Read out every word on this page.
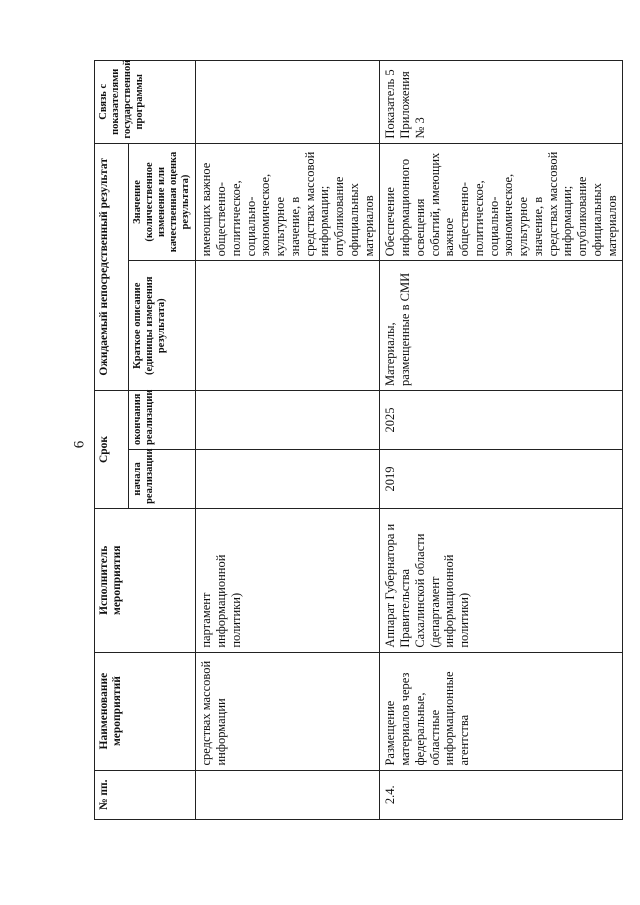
6
№ пп.	Наименование мероприятий	Исполнитель мероприятия	Срок		Ожидаемый непосредственный результат		Связь с показателями государственной программы
			начала реализации	окончания реализации	Краткое описание (единицы измерения результата)	Значение (количественное изменение или качественная оценка результата)	
	средствах массовой информации	партамент информационной политики)				имеющих важное общественно-политическое, социально-экономическое, культурное значение, в средствах массовой информации; опубликование официальных материалов	
2.4.	Размещение материалов через федеральные, областные информационные агентства	Аппарат Губернатора и Правительства Сахалинской области (департамент информационной политики)	2019	2025	Материалы, размещенные в СМИ	Обеспечение информационного освещения событий, имеющих важное общественно-политическое, социально-экономическое, культурное значение, в средствах массовой информации; опубликование официальных материалов	Показатель 5 Приложения № 3
